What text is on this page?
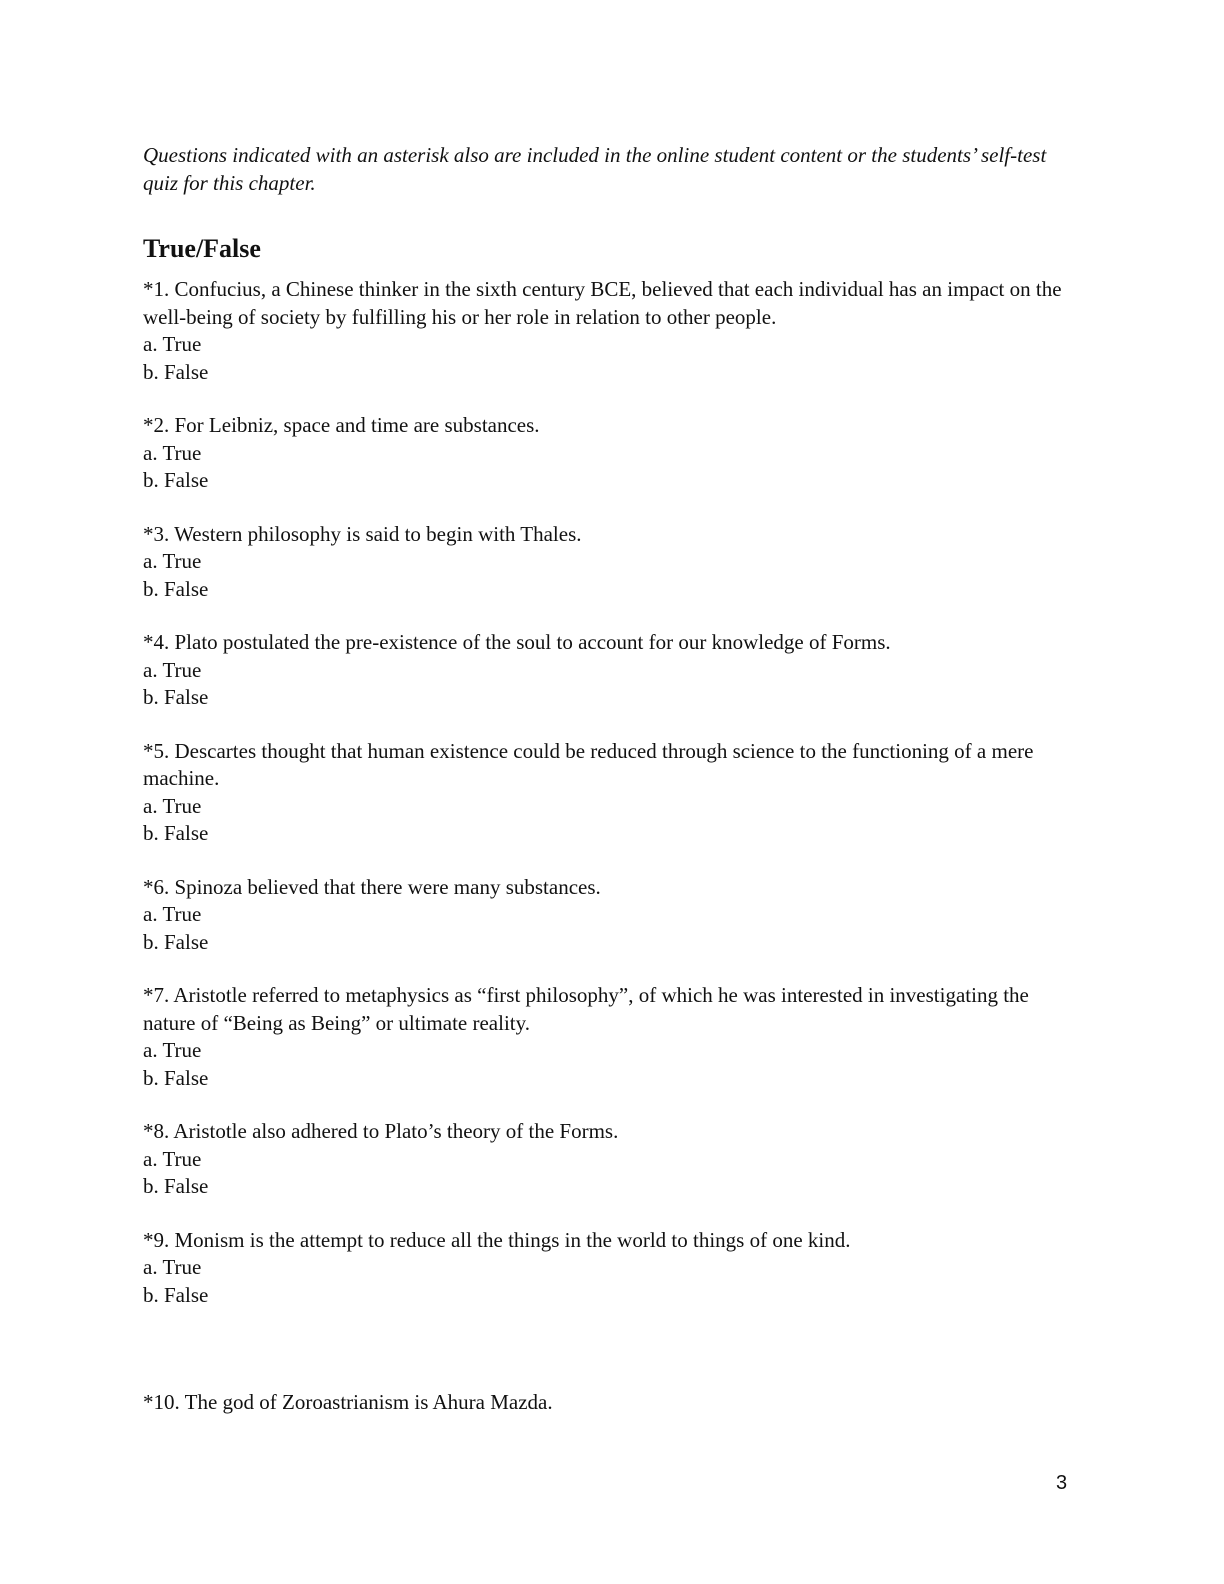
Questions indicated with an asterisk also are included in the online student content or the students’ self-test quiz for this chapter.

True/False
*1. Confucius, a Chinese thinker in the sixth century BCE, believed that each individual has an impact on the well-being of society by fulfilling his or her role in relation to other people.
a. True
b. False
*2. For Leibniz, space and time are substances.
a. True
b. False
*3. Western philosophy is said to begin with Thales.
a. True
b. False
*4. Plato postulated the pre-existence of the soul to account for our knowledge of Forms.
a. True
b. False
*5. Descartes thought that human existence could be reduced through science to the functioning of a mere machine.
a. True
b. False
*6. Spinoza believed that there were many substances.
a. True
b. False
*7. Aristotle referred to metaphysics as “first philosophy”, of which he was interested in investigating the nature of “Being as Being” or ultimate reality.
a. True
b. False
*8. Aristotle also adhered to Plato’s theory of the Forms.
a. True
b. False
*9. Monism is the attempt to reduce all the things in the world to things of one kind.
a. True
b. False
*10. The god of Zoroastrianism is Ahura Mazda.
3
